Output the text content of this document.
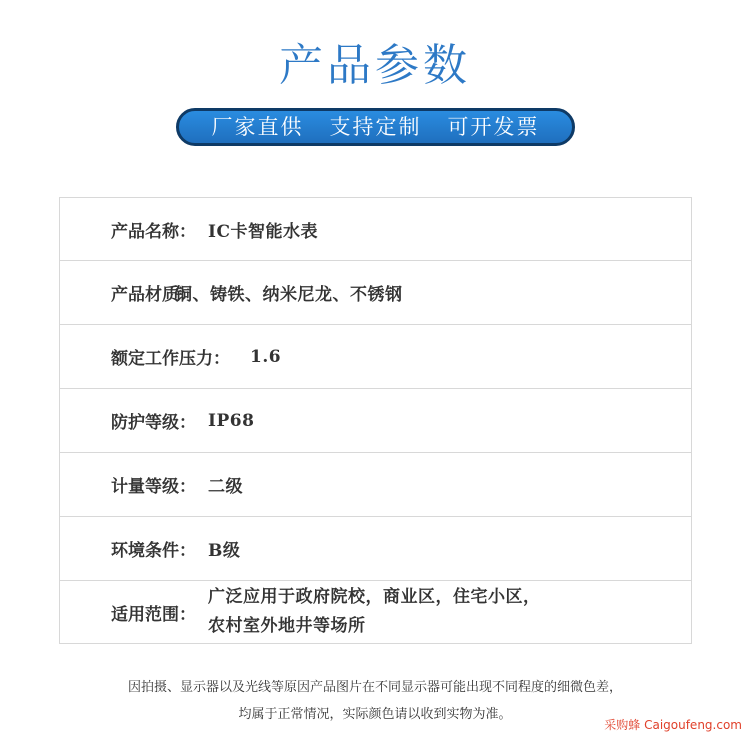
产品参数
厂家直供 支持定制 可开发票
产品名称： IC卡智能水表
产品材质：
铜、铸铁、纳米尼龙、不锈钢
额定工作压力： 1.6
防护等级： IP68
计量等级： 二级
环境条件： B级
适用范围：
广泛应用于政府院校，商业区，住宅小区，
农村室外地井等场所
因拍摄、显示器以及光线等原因产品图片在不同显示器可能出现不同程度的细微色差，
均属于正常情况，实际颜色请以收到实物为准。
采购蜂 Caigoufeng.com
